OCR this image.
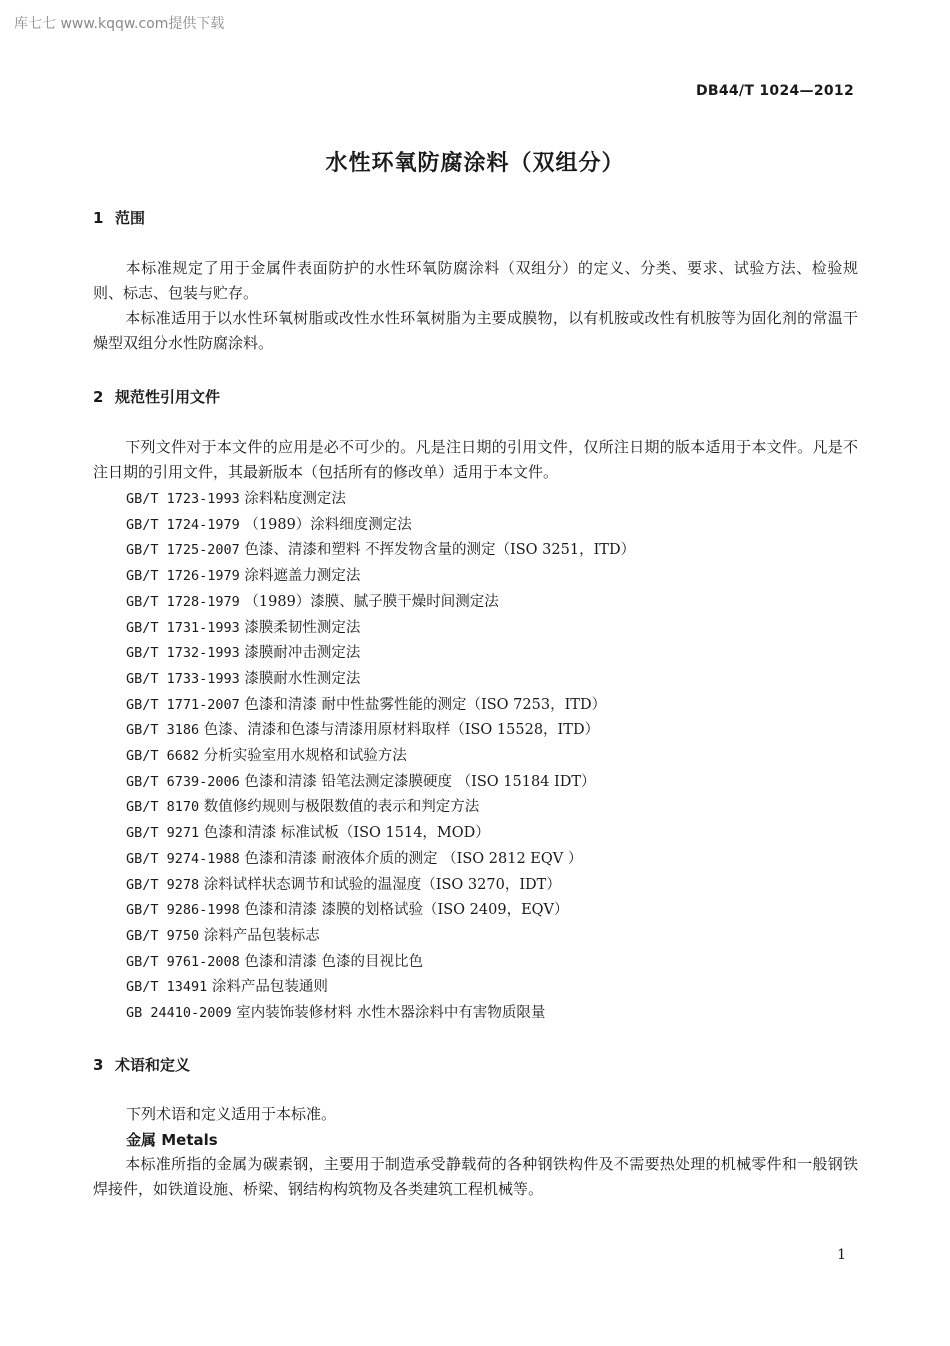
库七七 www.kqqw.com提供下载
DB44/T 1024—2012
水性环氧防腐涂料（双组分）
1 范围
本标准规定了用于金属件表面防护的水性环氧防腐涂料（双组分）的定义、分类、要求、试验方法、检验规则、标志、包装与贮存。
本标准适用于以水性环氧树脂或改性水性环氧树脂为主要成膜物，以有机胺或改性有机胺等为固化剂的常温干燥型双组分水性防腐涂料。
2 规范性引用文件
下列文件对于本文件的应用是必不可少的。凡是注日期的引用文件，仅所注日期的版本适用于本文件。凡是不注日期的引用文件，其最新版本（包括所有的修改单）适用于本文件。
GB/T 1723-1993 涂料粘度测定法
GB/T 1724-1979 （1989）涂料细度测定法
GB/T 1725-2007 色漆、清漆和塑料 不挥发物含量的测定（ISO 3251，ITD）
GB/T 1726-1979 涂料遮盖力测定法
GB/T 1728-1979 （1989）漆膜、腻子膜干燥时间测定法
GB/T 1731-1993 漆膜柔韧性测定法
GB/T 1732-1993 漆膜耐冲击测定法
GB/T 1733-1993 漆膜耐水性测定法
GB/T 1771-2007 色漆和清漆 耐中性盐雾性能的测定（ISO 7253，ITD）
GB/T 3186 色漆、清漆和色漆与清漆用原材料取样（ISO 15528，ITD）
GB/T 6682 分析实验室用水规格和试验方法
GB/T 6739-2006 色漆和清漆 铅笔法测定漆膜硬度 （ISO 15184 IDT）
GB/T 8170 数值修约规则与极限数值的表示和判定方法
GB/T 9271 色漆和清漆 标准试板（ISO 1514，MOD）
GB/T 9274-1988 色漆和清漆 耐液体介质的测定 （ISO 2812 EQV ）
GB/T 9278 涂料试样状态调节和试验的温湿度（ISO 3270，IDT）
GB/T 9286-1998 色漆和清漆 漆膜的划格试验（ISO 2409，EQV）
GB/T 9750 涂料产品包装标志
GB/T 9761-2008 色漆和清漆 色漆的目视比色
GB/T 13491 涂料产品包装通则
GB 24410-2009 室内装饰装修材料 水性木器涂料中有害物质限量
3 术语和定义
下列术语和定义适用于本标准。
金属 Metals
本标准所指的金属为碳素钢，主要用于制造承受静载荷的各种钢铁构件及不需要热处理的机械零件和一般钢铁焊接件，如铁道设施、桥梁、钢结构构筑物及各类建筑工程机械等。
1
